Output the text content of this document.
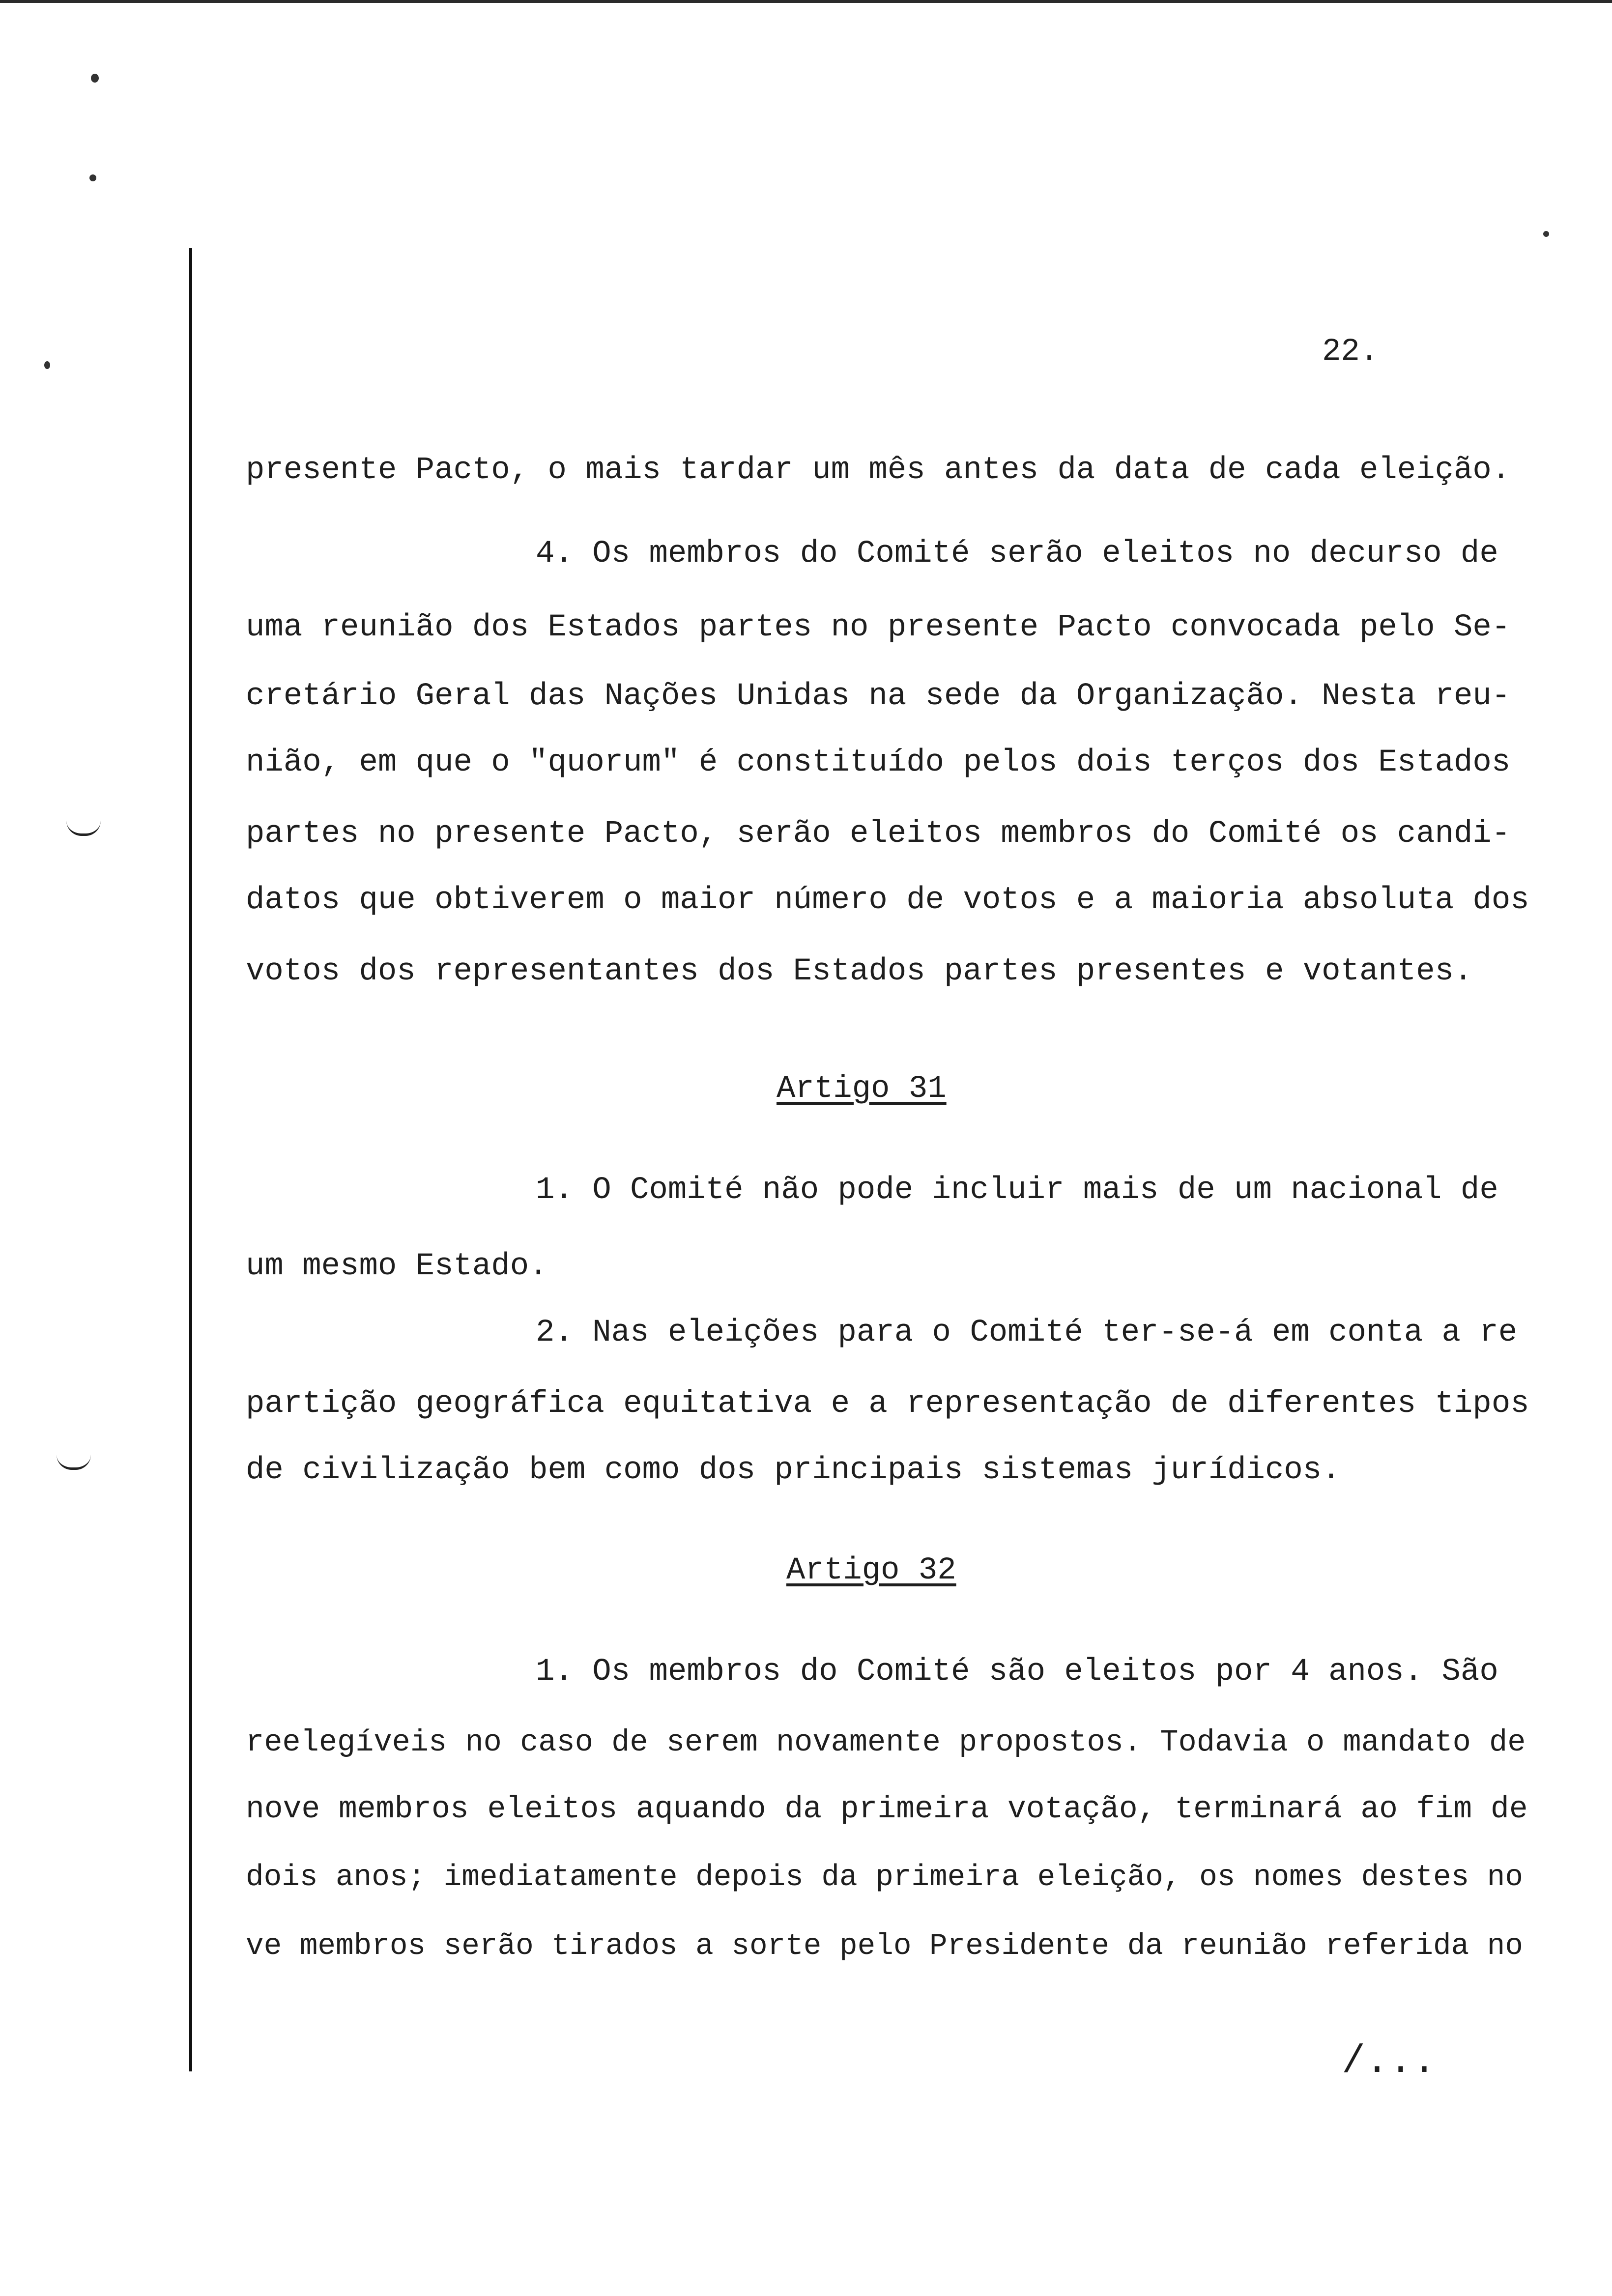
22.
presente Pacto, o mais tardar um mês antes da data de cada eleição.
4. Os membros do Comité serão eleitos no decurso de
uma reunião dos Estados partes no presente Pacto convocada pelo Se-
cretário Geral das Nações Unidas na sede da Organização. Nesta reu-
nião, em que o "quorum" é constituído pelos dois terços dos Estados
partes no presente Pacto, serão eleitos membros do Comité os candi-
datos que obtiverem o maior número de votos e a maioria absoluta dos
votos dos representantes dos Estados partes presentes e votantes.
Artigo 31
1. O Comité não pode incluir mais de um nacional de
um mesmo Estado.
2. Nas eleições para o Comité ter-se-á em conta a re
partição geográfica equitativa e a representação de diferentes tipos
de civilização bem como dos principais sistemas jurídicos.
Artigo 32
1. Os membros do Comité são eleitos por 4 anos. São
reelegíveis no caso de serem novamente propostos. Todavia o mandato de
nove membros eleitos aquando da primeira votação, terminará ao fim de
dois anos; imediatamente depois da primeira eleição, os nomes destes no
ve membros serão tirados a sorte pelo Presidente da reunião referida no
/...
